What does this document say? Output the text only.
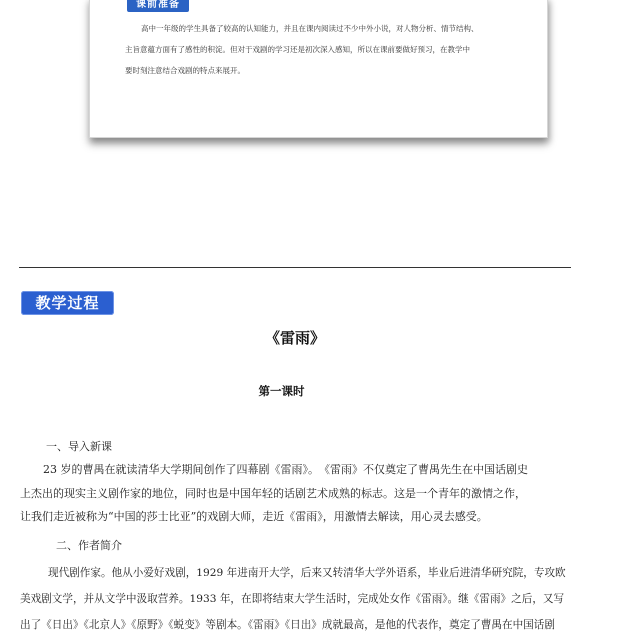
课前准备
高中一年级的学生具备了较高的认知能力，并且在课内阅读过不少中外小说，对人物分析、情节结构、
主旨意蕴方面有了感性的积淀。但对于戏剧的学习还是初次深入感知，所以在课前要做好预习，在教学中
要时刻注意结合戏剧的特点来展开。
教学过程
《雷雨》
第一课时
一、导入新课
23 岁的曹禺在就读清华大学期间创作了四幕剧《雷雨》。　《雷雨》不仅奠定了曹禺先生在中国话剧史
上杰出的现实主义剧作家的地位，同时也是中国年轻的话剧艺术成熟的标志。这是一个青年的激情之作，
让我们走近被称为“中国的莎士比亚”的戏剧大师，走近《雷雨》，用激情去解读，用心灵去感受。
二、作者简介
现代剧作家。他从小爱好戏剧，1929 年进南开大学，后来又转清华大学外语系，毕业后进清华研究院，专攻欧
美戏剧文学，并从文学中汲取营养。1933 年，在即将结束大学生活时，完成处女作《雷雨》。继《雷雨》之后，又写
出了《日出》《北京人》《原野》《蜕变》等剧本。《雷雨》《日出》成就最高，是他的代表作，奠定了曹禺在中国话剧
